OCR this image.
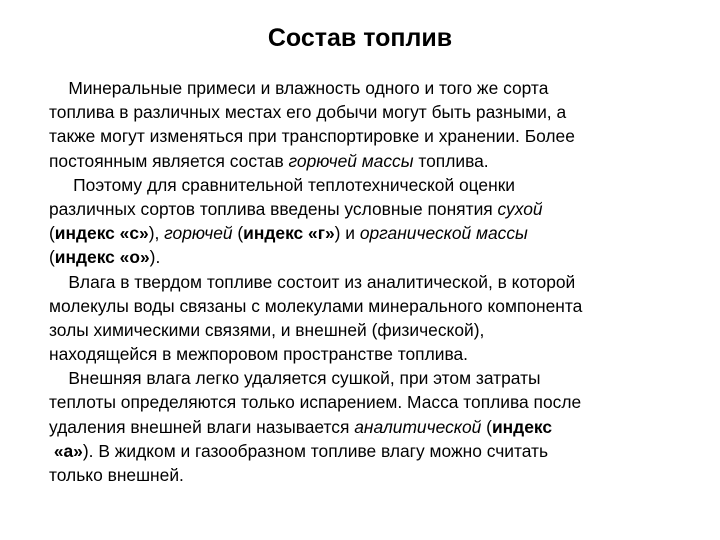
Состав топлив
Минеральные примеси и влажность одного и того же сорта
топлива в различных местах его добычи могут быть разными, а
также могут изменяться при транспортировке и хранении. Более
постоянным является состав горючей массы топлива.
Поэтому для сравнительной теплотехнической оценки
различных сортов топлива введены условные понятия сухой
(индекс «с»), горючей (индекс «г») и органической массы
(индекс «о»).
Влага в твердом топливе состоит из аналитической, в которой
молекулы воды связаны с молекулами минерального компонента
золы химическими связями, и внешней (физической),
находящейся в межпоровом пространстве топлива.
Внешняя влага легко удаляется сушкой, при этом затраты
теплоты определяются только испарением. Масса топлива после
удаления внешней влаги называется аналитической (индекс
«а»). В жидком и газообразном топливе влагу можно считать
только внешней.
